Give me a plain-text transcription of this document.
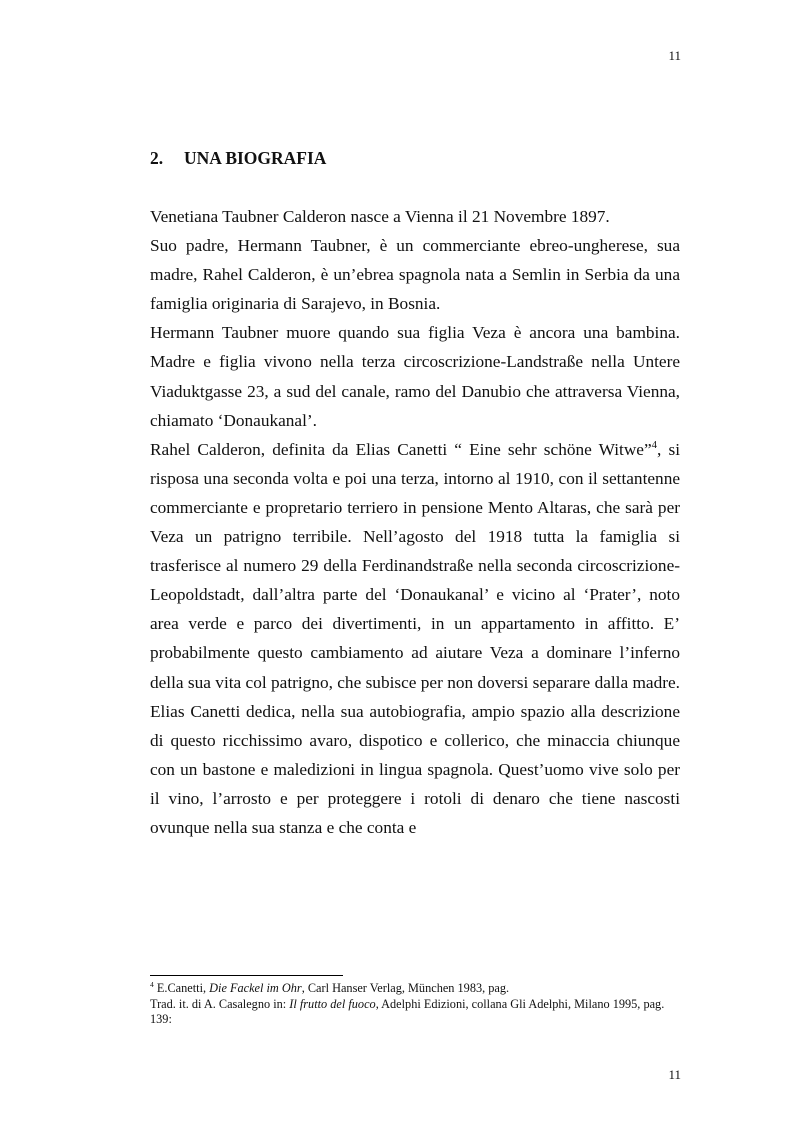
11
2. UNA BIOGRAFIA

Venetiana Taubner Calderon nasce a Vienna il 21 Novembre 1897.

Suo padre, Hermann Taubner, è un commerciante ebreo-ungherese, sua madre, Rahel Calderon, è un’ebrea spagnola nata a Semlin in Serbia da una famiglia originaria di Sarajevo, in Bosnia.

Hermann Taubner muore quando sua figlia Veza è ancora una bambina. Madre e figlia vivono nella terza circoscrizione-Landstraße nella Untere Viaduktgasse 23, a sud del canale, ramo del Danubio che attraversa Vienna, chiamato ‘Donaukanal’.

Rahel Calderon, definita da Elias Canetti “ Eine sehr schöne Witwe”$^4$, si risposa una seconda volta e poi una terza, intorno al 1910, con il settantenne commerciante e propretario terriero in pensione Mento Altaras, che sarà per Veza un patrigno terribile. Nell’agosto del 1918 tutta la famiglia si trasferisce al numero 29 della Ferdinandstraße nella seconda circoscrizione-Leopoldstadt, dall’altra parte del ‘Donaukanal’ e vicino al ‘Prater’, noto area verde e parco dei divertimenti, in un appartamento in affitto. E’ probabilmente questo cambiamento ad aiutare Veza a dominare l’inferno della sua vita col patrigno, che subisce per non doversi separare dalla madre. Elias Canetti dedica, nella sua autobiografia, ampio spazio alla descrizione di questo ricchissimo avaro, dispotico e collerico, che minaccia chiunque con un bastone e maledizioni in lingua spagnola. Quest’uomo vive solo per il vino, l’arrosto e per proteggere i rotoli di denaro che tiene nascosti ovunque nella sua stanza e che conta e

$^4$ E.Canetti, Die Fackel im Ohr, Carl Hanser Verlag, München 1983, pag.
Trad. it. di A. Casalegno in: Il frutto del fuoco, Adelphi Edizioni, collana Gli Adelphi, Milano 1995, pag. 139:

11
